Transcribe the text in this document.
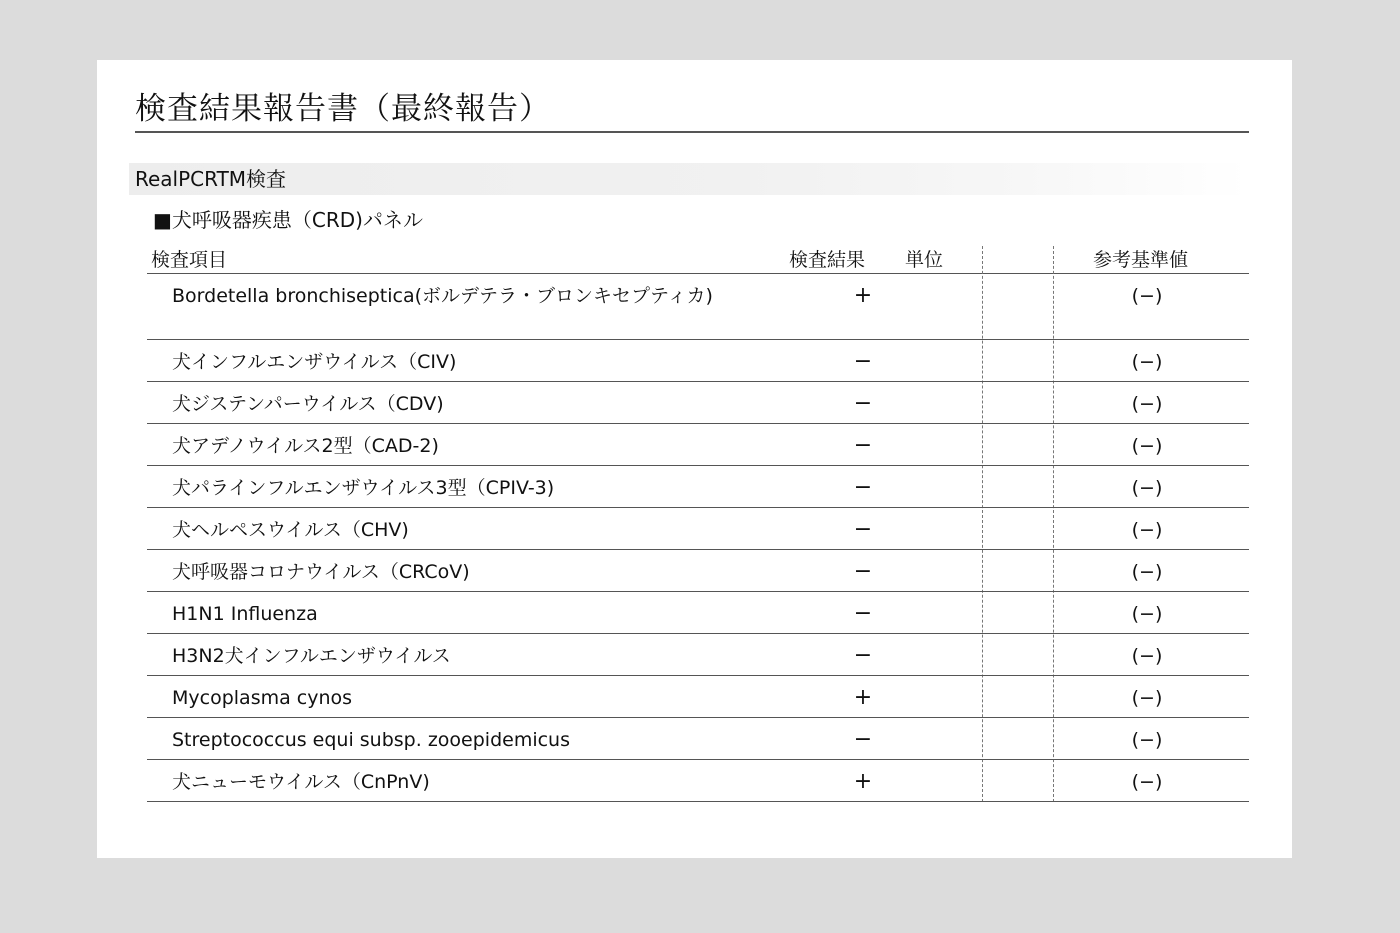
検査結果報告書（最終報告）
RealPCRTM検査
■犬呼吸器疾患（CRD)パネル
検査項目	検査結果 単位	参考基準値
Bordetella bronchiseptica(ボルデテラ・ブロンキセプティカ)	+	(−)
犬インフルエンザウイルス（CIV)	−	(−)
犬ジステンパーウイルス（CDV)	−	(−)
犬アデノウイルス2型（CAD-2)	−	(−)
犬パラインフルエンザウイルス3型（CPIV-3)	−	(−)
犬ヘルペスウイルス（CHV)	−	(−)
犬呼吸器コロナウイルス（CRCoV)	−	(−)
H1N1 Influenza	−	(−)
H3N2犬インフルエンザウイルス	−	(−)
Mycoplasma cynos	+	(−)
Streptococcus equi subsp. zooepidemicus	−	(−)
犬ニューモウイルス（CnPnV)	+	(−)
